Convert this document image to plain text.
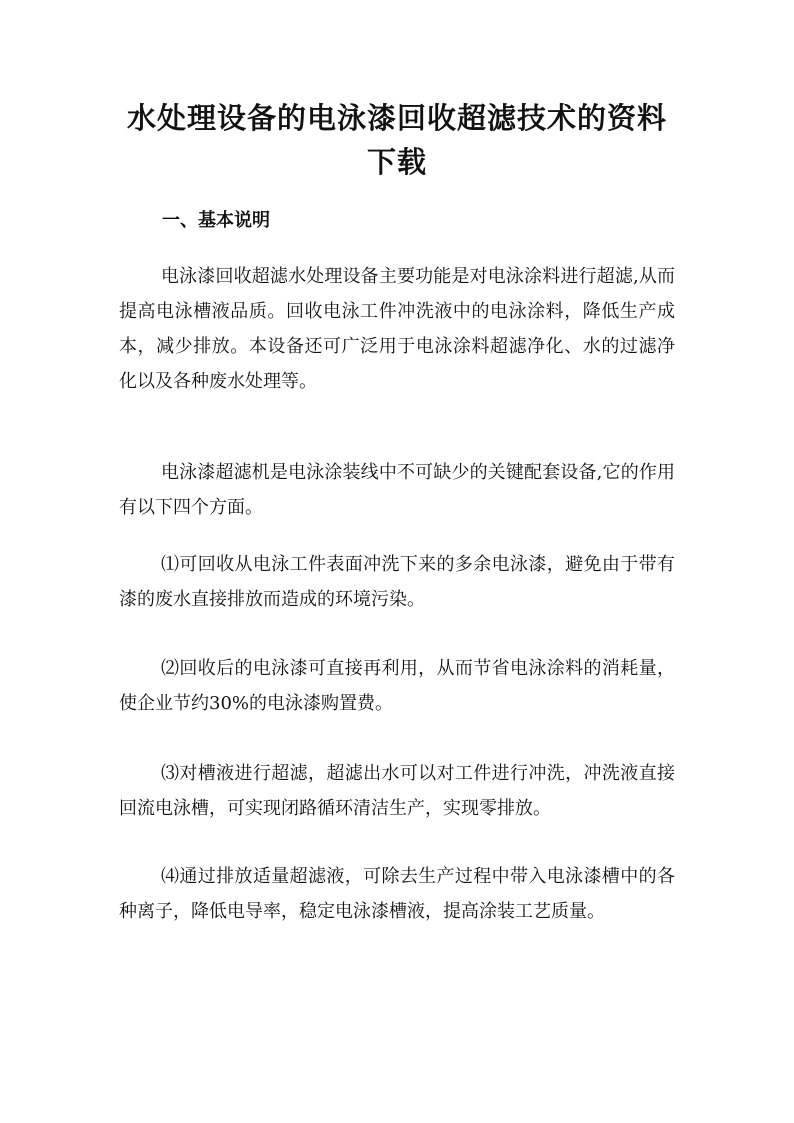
水处理设备的电泳漆回收超滤技术的资料下载
一、基本说明
电泳漆回收超滤水处理设备主要功能是对电泳涂料进行超滤,从而提高电泳槽液品质。回收电泳工件冲洗液中的电泳涂料，降低生产成本，减少排放。本设备还可广泛用于电泳涂料超滤净化、水的过滤净化以及各种废水处理等。
电泳漆超滤机是电泳涂装线中不可缺少的关键配套设备,它的作用有以下四个方面。
⑴可回收从电泳工件表面冲洗下来的多余电泳漆，避免由于带有漆的废水直接排放而造成的环境污染。
⑵回收后的电泳漆可直接再利用，从而节省电泳涂料的消耗量，使企业节约30%的电泳漆购置费。
⑶对槽液进行超滤，超滤出水可以对工件进行冲洗，冲洗液直接回流电泳槽，可实现闭路循环清洁生产，实现零排放。
⑷通过排放适量超滤液，可除去生产过程中带入电泳漆槽中的各种离子，降低电导率，稳定电泳漆槽液，提高涂装工艺质量。
